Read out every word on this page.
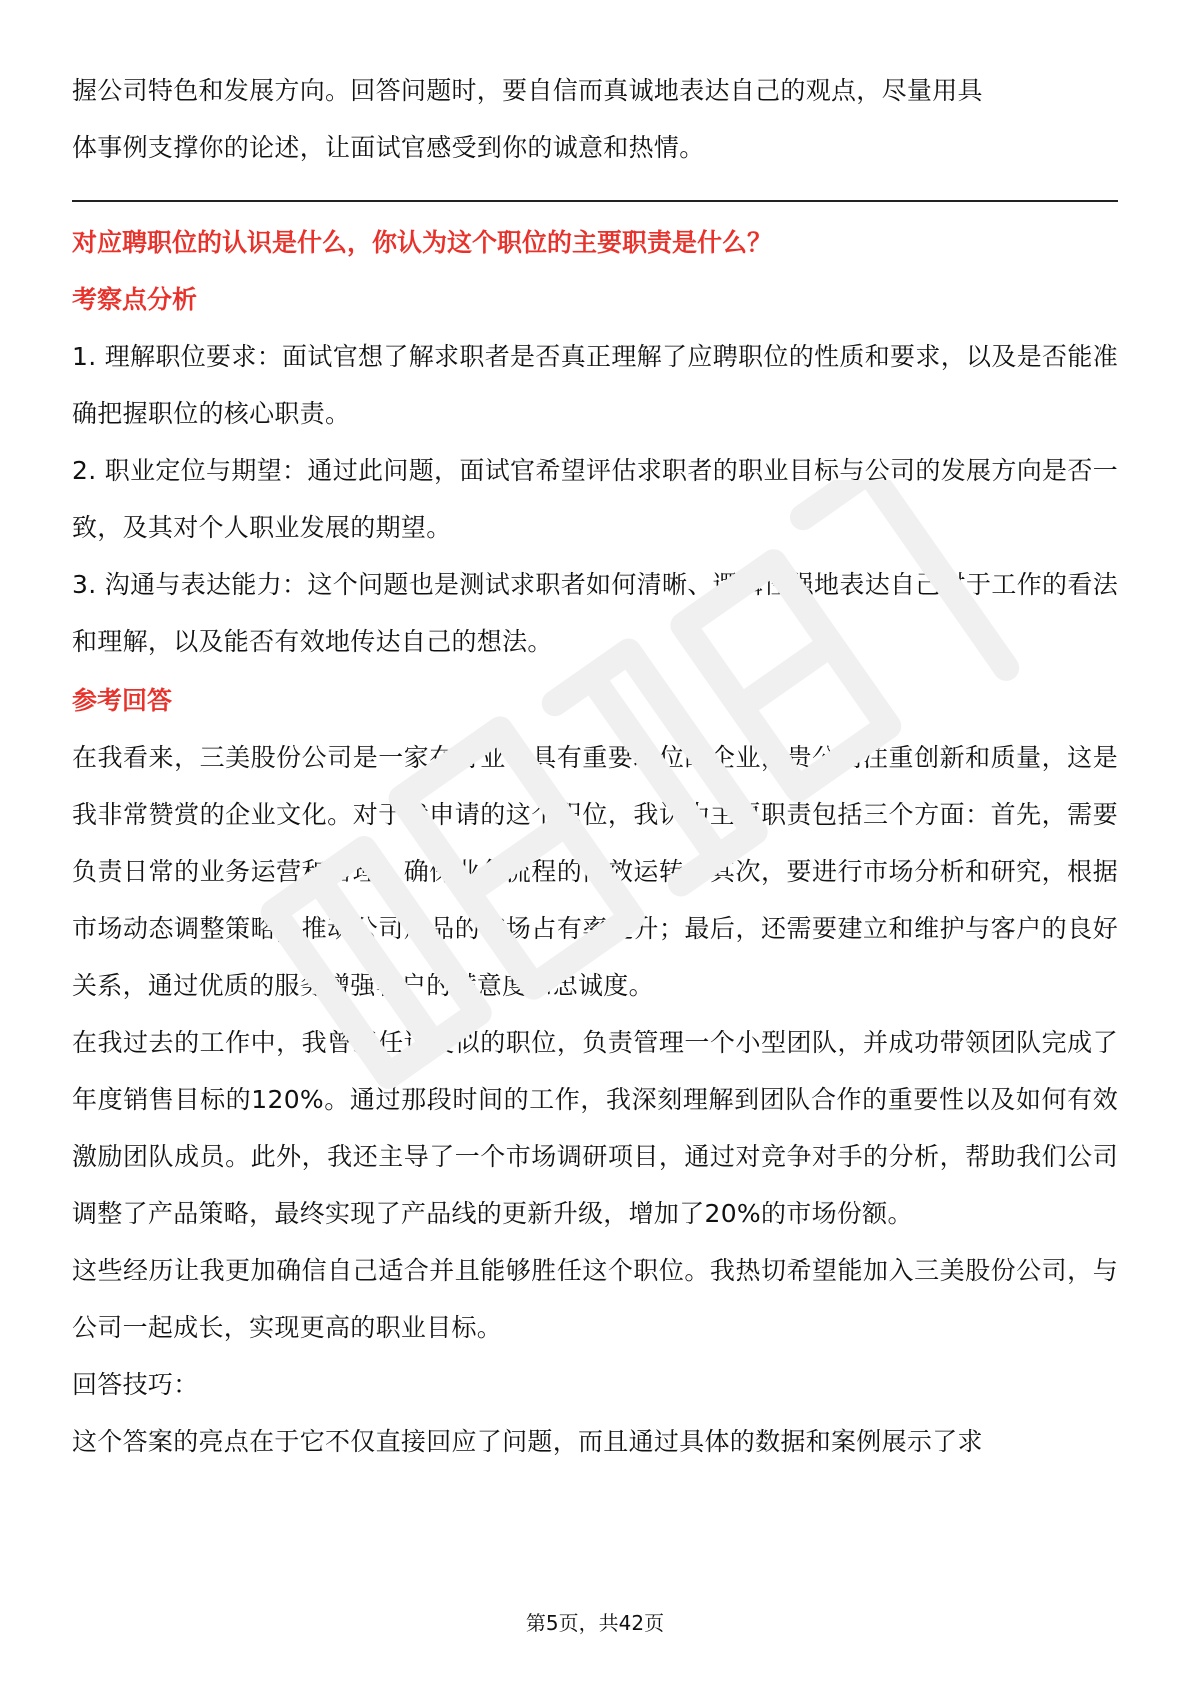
握公司特色和发展方向。回答问题时，要自信而真诚地表达自己的观点，尽量用具

体事例支撑你的论述，让面试官感受到你的诚意和热情。

对应聘职位的认识是什么，你认为这个职位的主要职责是什么？

考察点分析

1. 理解职位要求：面试官想了解求职者是否真正理解了应聘职位的性质和要求，以及是否能准确把握职位的核心职责。

2. 职业定位与期望：通过此问题，面试官希望评估求职者的职业目标与公司的发展方向是否一致，及其对个人职业发展的期望。

3. 沟通与表达能力：这个问题也是测试求职者如何清晰、逻辑性强地表达自己对于工作的看法和理解，以及能否有效地传达自己的想法。

参考回答

在我看来，三美股份公司是一家在行业中具有重要地位的企业，贵公司注重创新和质量，这是我非常赞赏的企业文化。对于我申请的这个职位，我认为主要职责包括三个方面：首先，需要负责日常的业务运营和管理，确保业务流程的高效运转；其次，要进行市场分析和研究，根据市场动态调整策略，推动公司产品的市场占有率提升；最后，还需要建立和维护与客户的良好关系，通过优质的服务增强客户的满意度和忠诚度。

在我过去的工作中，我曾担任过类似的职位，负责管理一个小型团队，并成功带领团队完成了年度销售目标的120%。通过那段时间的工作，我深刻理解到团队合作的重要性以及如何有效激励团队成员。此外，我还主导了一个市场调研项目，通过对竞争对手的分析，帮助我们公司调整了产品策略，最终实现了产品线的更新升级，增加了20%的市场份额。

这些经历让我更加确信自己适合并且能够胜任这个职位。我热切希望能加入三美股份公司，与公司一起成长，实现更高的职业目标。

回答技巧：

这个答案的亮点在于它不仅直接回应了问题，而且通过具体的数据和案例展示了求

第5页，共42页
